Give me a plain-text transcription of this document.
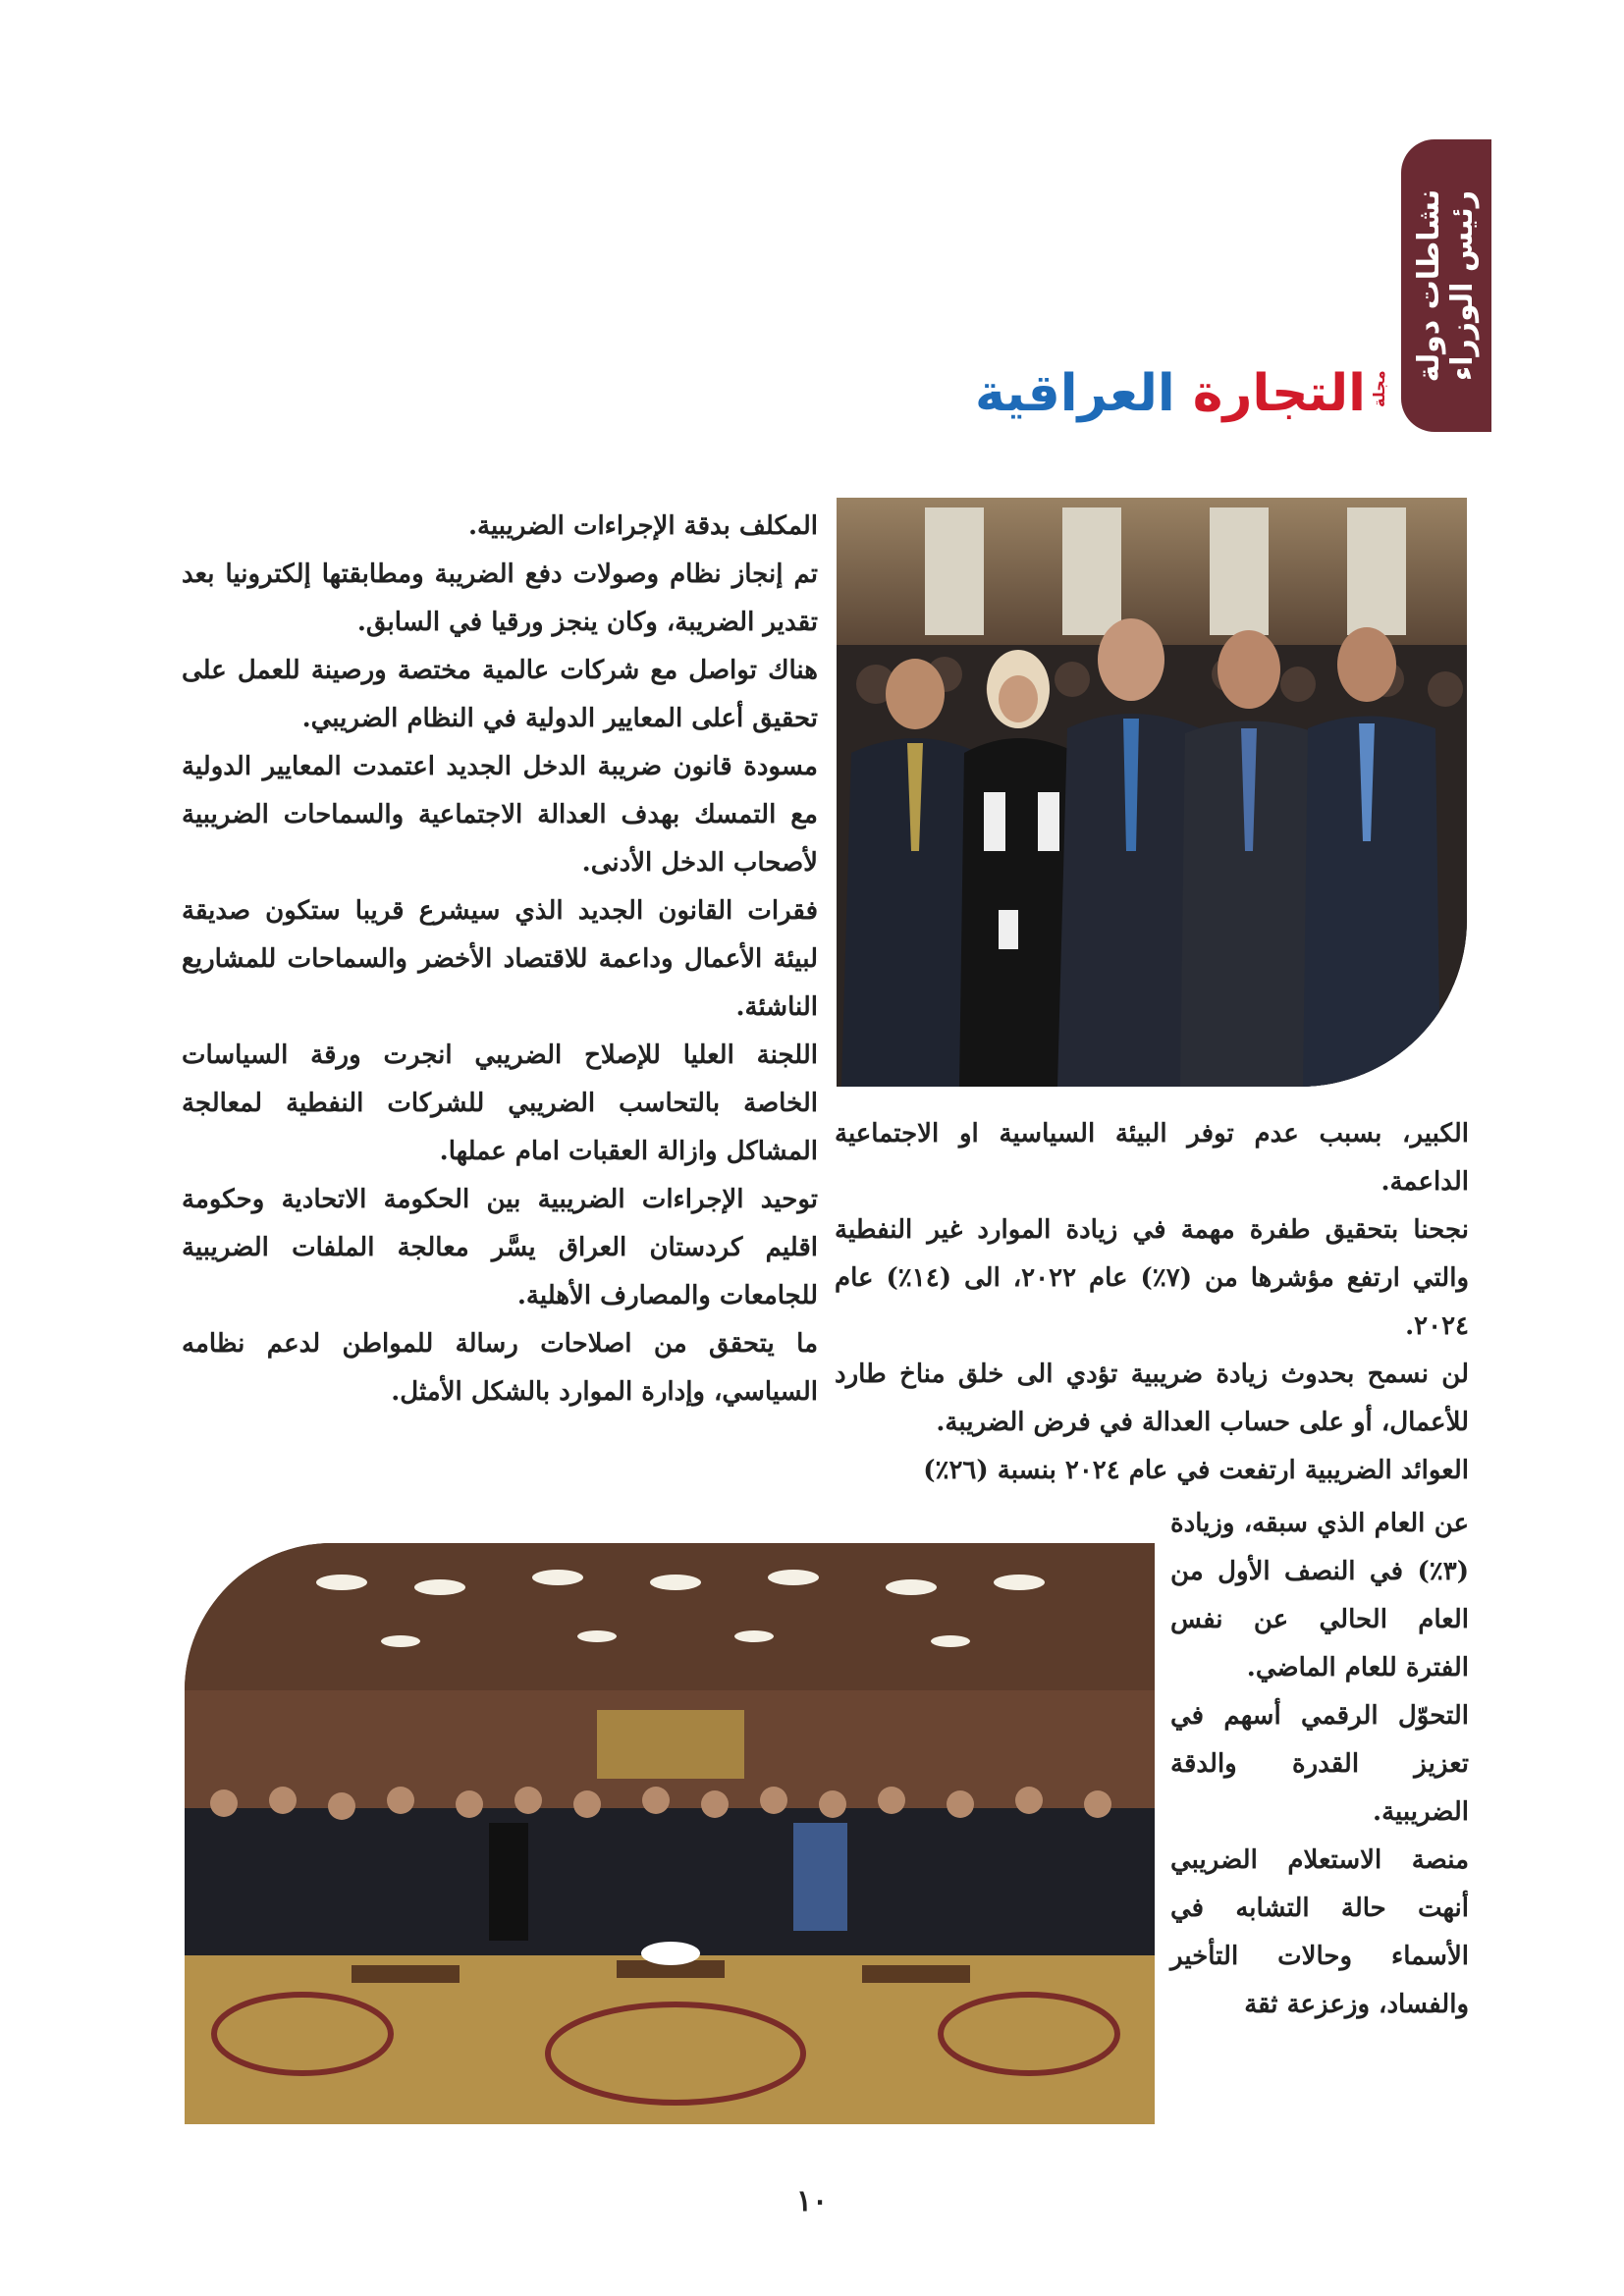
نشاطات دولة رئيس الوزراء
مجلة
التجارة العراقية

المكلف بدقة الإجراءات الضريبية.

تم إنجاز نظام وصولات دفع الضريبة ومطابقتها إلكترونيا بعد تقدير الضريبة، وكان ينجز ورقيا في السابق.

هناك تواصل مع شركات عالمية مختصة ورصينة للعمل على تحقيق أعلى المعايير الدولية في النظام الضريبي.

مسودة قانون ضريبة الدخل الجديد اعتمدت المعايير الدولية مع التمسك بهدف العدالة الاجتماعية والسماحات الضريبية لأصحاب الدخل الأدنى.

فقرات القانون الجديد الذي سيشرع قريبا ستكون صديقة لبيئة الأعمال وداعمة للاقتصاد الأخضر والسماحات للمشاريع الناشئة.

اللجنة العليا للإصلاح الضريبي انجرت ورقة السياسات الخاصة بالتحاسب الضريبي للشركات النفطية لمعالجة المشاكل وازالة العقبات امام عملها.

توحيد الإجراءات الضريبية بين الحكومة الاتحادية وحكومة اقليم كردستان العراق يسَّر معالجة الملفات الضريبية للجامعات والمصارف الأهلية.

ما يتحقق من اصلاحات رسالة للمواطن لدعم نظامه السياسي، وإدارة الموارد بالشكل الأمثل.

الكبير، بسبب عدم توفر البيئة السياسية او الاجتماعية الداعمة.

نجحنا بتحقيق طفرة مهمة في زيادة الموارد غير النفطية والتي ارتفع مؤشرها من (٧٪) عام ٢٠٢٢، الى (١٤٪) عام ٢٠٢٤.

لن نسمح بحدوث زيادة ضريبية تؤدي الى خلق مناخ طارد للأعمال، أو على حساب العدالة في فرض الضريبة.

العوائد الضريبية ارتفعت في عام ٢٠٢٤ بنسبة (٢٦٪)

عن العام الذي سبقه، وزيادة (٣٪) في النصف الأول من العام الحالي عن نفس الفترة للعام الماضي.

التحوّل الرقمي أسهم في تعزيز القدرة والدقة الضريبية.

منصة الاستعلام الضريبي أنهت حالة التشابه في الأسماء وحالات التأخير والفساد، وزعزعة ثقة

١٠
